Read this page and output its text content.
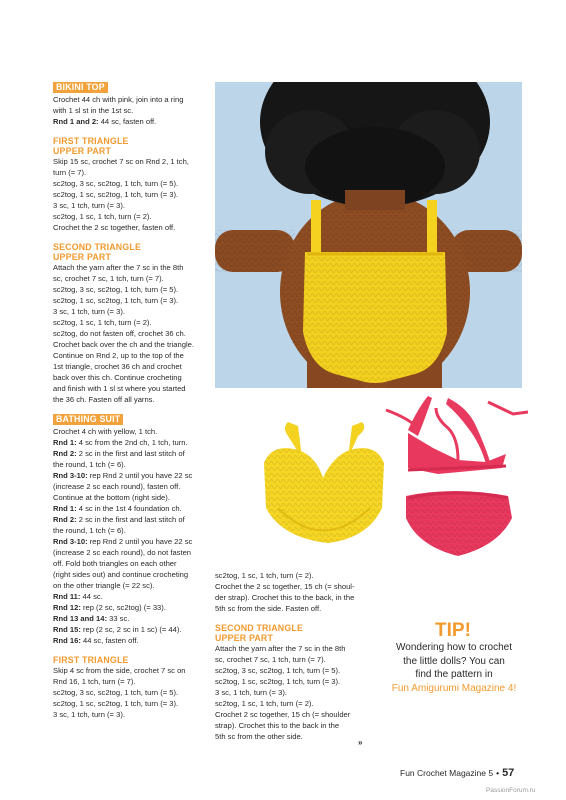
BIKINI TOP

Crochet 44 ch with pink, join into a ring

with 1 sl st in the 1st sc.

Rnd 1 and 2: 44 sc, fasten off.

FIRST TRIANGLE
UPPER PART

Skip 15 sc, crochet 7 sc on Rnd 2, 1 tch,

turn (= 7).

sc2tog, 3 sc, sc2tog, 1 tch, turn (= 5).

sc2tog, 1 sc, sc2tog, 1 tch, turn (= 3).

3 sc, 1 tch, turn (= 3).

sc2tog, 1 sc, 1 tch, turn (= 2).

Crochet the 2 sc together, fasten off.

SECOND TRIANGLE
UPPER PART

Attach the yarn after the 7 sc in the 8th

sc, crochet 7 sc, 1 tch, turn (= 7).

sc2tog, 3 sc, sc2tog, 1 tch, turn (= 5).

sc2tog, 1 sc, sc2tog, 1 tch, turn (= 3).

3 sc, 1 tch, turn (= 3).

sc2tog, 1 sc, 1 tch, turn (= 2).

sc2tog, do not fasten off, crochet 36 ch.

Crochet back over the ch and the triangle.

Continue on Rnd 2, up to the top of the

1st triangle, crochet 36 ch and crochet

back over this ch. Continue crocheting

and finish with 1 sl st where you started

the 36 ch. Fasten off all yarns.

BATHING SUIT

Crochet 4 ch with yellow, 1 tch.

Rnd 1: 4 sc from the 2nd ch, 1 tch, turn.

Rnd 2: 2 sc in the first and last stitch of

the round, 1 tch (= 6).

Rnd 3-10: rep Rnd 2 until you have 22 sc

(increase 2 sc each round), fasten off.

Continue at the bottom (right side).

Rnd 1: 4 sc in the 1st 4 foundation ch.

Rnd 2: 2 sc in the first and last stitch of

the round, 1 tch (= 6).

Rnd 3-10: rep Rnd 2 until you have 22 sc

(increase 2 sc each round), do not fasten

off. Fold both triangles on each other

(right sides out) and continue crocheting

on the other triangle (= 22 sc).

Rnd 11: 44 sc.

Rnd 12: rep (2 sc, sc2tog) (= 33).

Rnd 13 and 14: 33 sc.

Rnd 15: rep (2 sc, 2 sc in 1 sc) (= 44).

Rnd 16: 44 sc, fasten off.

FIRST TRIANGLE

Skip 4 sc from the side, crochet 7 sc on

Rnd 16, 1 tch, turn (= 7).

sc2tog, 3 sc, sc2tog, 1 tch, turn (= 5).

sc2tog, 1 sc, sc2tog, 1 tch, turn (= 3).

3 sc, 1 tch, turn (= 3).

sc2tog, 1 sc, 1 tch, turn (= 2).

Crochet the 2 sc together, 15 ch (= shoul-

der strap). Crochet this to the back, in the

5th sc from the side. Fasten off.

SECOND TRIANGLE
UPPER PART

Attach the yarn after the 7 sc in the 8th

sc, crochet 7 sc, 1 tch, turn (= 7).

sc2tog, 3 sc, sc2tog, 1 tch, turn (= 5).

sc2tog, 1 sc, sc2tog, 1 tch, turn (= 3).

3 sc, 1 tch, turn (= 3).

sc2tog, 1 sc, 1 tch, turn (= 2).

Crochet 2 sc together, 15 ch (= shoulder

strap). Crochet this to the back in the

5th sc from the other side.

»
TIP!
Wondering how to crochet
the little dolls? You can
find the pattern in
Fun Amigurumi Magazine 4!
Fun Crochet Magazine 5 • 57
PassionForum.ru
